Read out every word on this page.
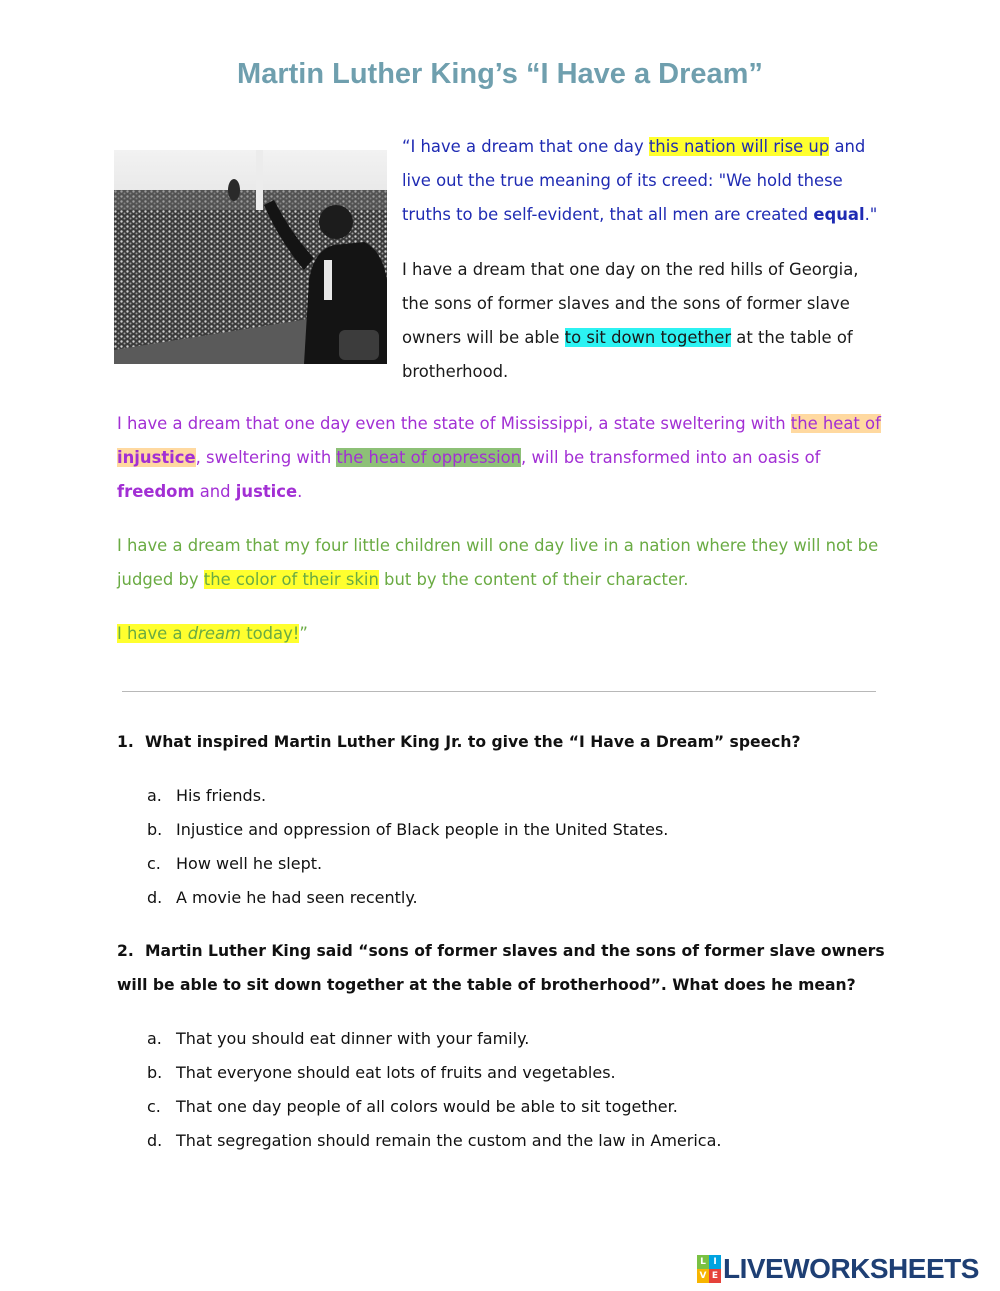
Martin Luther King’s “I Have a Dream”

“I have a dream that one day this nation will rise up and live out the true meaning of its creed: "We hold these truths to be self-evident, that all men are created equal."

I have a dream that one day on the red hills of Georgia, the sons of former slaves and the sons of former slave owners will be able to sit down together at the table of brotherhood.

I have a dream that one day even the state of Mississippi, a state sweltering with the heat of injustice, sweltering with the heat of oppression, will be transformed into an oasis of freedom and justice.

I have a dream that my four little children will one day live in a nation where they will not be judged by the color of their skin but by the content of their character.

I have a dream today!”

1. What inspired Martin Luther King Jr. to give the “I Have a Dream” speech?

a. His friends.
b. Injustice and oppression of Black people in the United States.
c. How well he slept.
d. A movie he had seen recently.

2. Martin Luther King said “sons of former slaves and the sons of former slave owners will be able to sit down together at the table of brotherhood”. What does he mean?

a. That you should eat dinner with your family.
b. That everyone should eat lots of fruits and vegetables.
c. That one day people of all colors would be able to sit together.
d. That segregation should remain the custom and the law in America.
L I
V E LIVEWORKSHEETS
